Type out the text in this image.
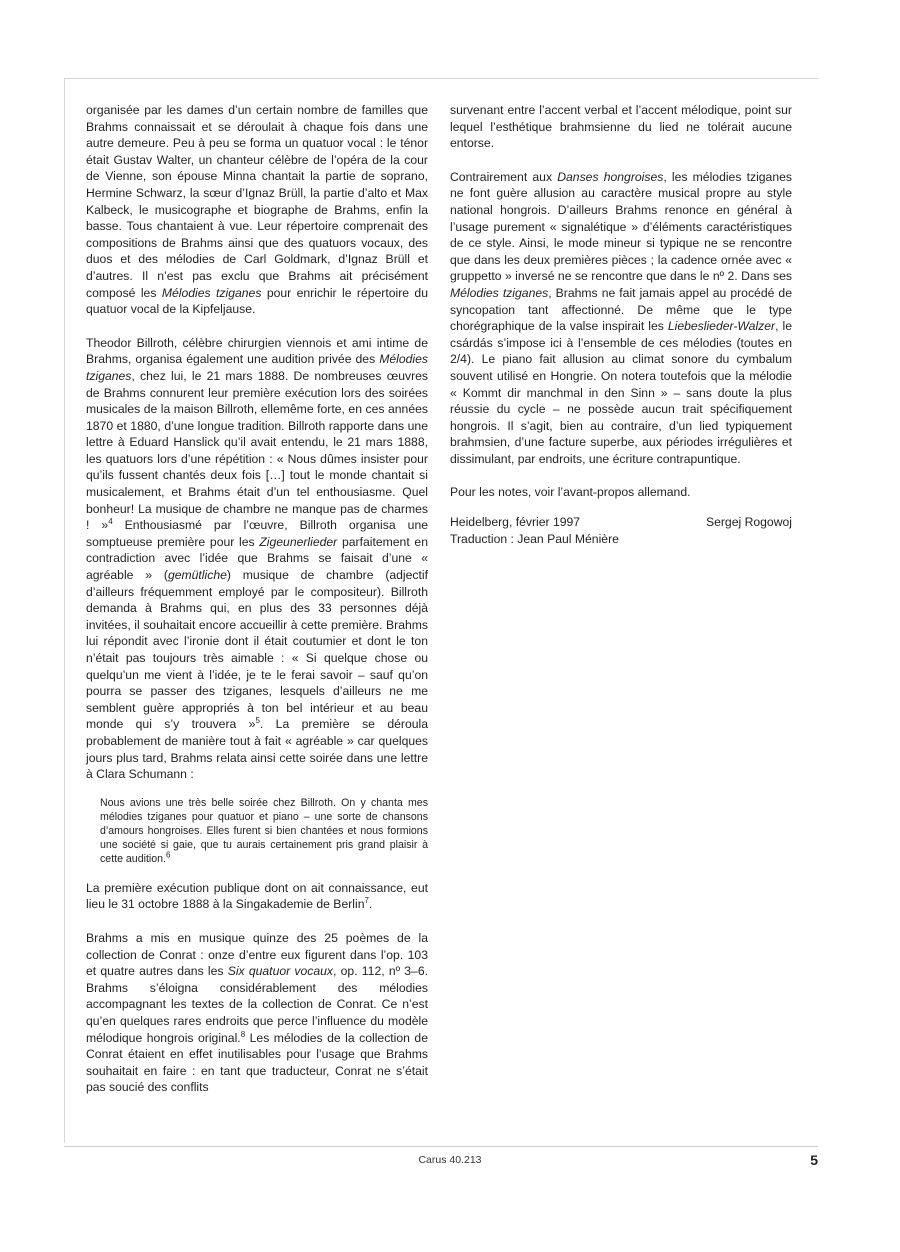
organisée par les dames d’un certain nombre de familles que Brahms connaissait et se déroulait à chaque fois dans une autre demeure. Peu à peu se forma un quatuor vocal : le ténor était Gustav Walter, un chanteur célèbre de l’opéra de la cour de Vienne, son épouse Minna chantait la partie de soprano, Hermine Schwarz, la sœur d’Ignaz Brüll, la partie d’alto et Max Kalbeck, le musicographe et biographe de Brahms, enfin la basse. Tous chantaient à vue. Leur répertoire comprenait des compositions de Brahms ainsi que des quatuors vocaux, des duos et des mélodies de Carl Goldmark, d’Ignaz Brüll et d’autres. Il n’est pas exclu que Brahms ait précisément composé les Mélodies tziganes pour enrichir le répertoire du quatuor vocal de la Kipfeljause.

Theodor Billroth, célèbre chirurgien viennois et ami intime de Brahms, organisa également une audition privée des Mélodies tziganes, chez lui, le 21 mars 1888. De nombreuses œuvres de Brahms connurent leur première exécution lors des soirées musicales de la maison Billroth, ellemême forte, en ces années 1870 et 1880, d’une longue tradition. Billroth rapporte dans une lettre à Eduard Hanslick qu’il avait entendu, le 21 mars 1888, les quatuors lors d’une répétition : « Nous dûmes insister pour qu’ils fussent chantés deux fois […] tout le monde chantait si musicalement, et Brahms était d’un tel enthousiasme. Quel bonheur! La musique de chambre ne manque pas de charmes ! »$^4$ Enthousiasmé par l’œuvre, Billroth organisa une somptueuse première pour les Zigeunerlieder parfaitement en contradiction avec l’idée que Brahms se faisait d’une « agréable » (gemütliche) musique de chambre (adjectif d’ailleurs fréquemment employé par le compositeur). Billroth demanda à Brahms qui, en plus des 33 personnes déjà invitées, il souhaitait encore accueillir à cette première. Brahms lui répondit avec l’ironie dont il était coutumier et dont le ton n’était pas toujours très aimable : « Si quelque chose ou quelqu’un me vient à l’idée, je te le ferai savoir – sauf qu’on pourra se passer des tziganes, lesquels d’ailleurs ne me semblent guère appropriés à ton bel intérieur et au beau monde qui s’y trouvera »$^5$. La première se déroula probablement de manière tout à fait « agréable » car quelques jours plus tard, Brahms relata ainsi cette soirée dans une lettre à Clara Schumann :

Nous avions une très belle soirée chez Billroth. On y chanta mes mélodies tziganes pour quatuor et piano – une sorte de chansons d’amours hongroises. Elles furent si bien chantées et nous formions une société si gaie, que tu aurais certainement pris grand plaisir à cette audition.$^6$

La première exécution publique dont on ait connaissance, eut lieu le 31 octobre 1888 à la Singakademie de Berlin$^7$.

Brahms a mis en musique quinze des 25 poèmes de la collection de Conrat : onze d’entre eux figurent dans l’op. 103 et quatre autres dans les Six quatuor vocaux, op. 112, nº 3–6. Brahms s’éloigna considérablement des mélodies accompagnant les textes de la collection de Conrat. Ce n’est qu’en quelques rares endroits que perce l’influence du modèle mélodique hongrois original.$^8$ Les mélodies de la collection de Conrat étaient en effet inutilisables pour l’usage que Brahms souhaitait en faire : en tant que traducteur, Conrat ne s’était pas soucié des conflits

survenant entre l’accent verbal et l’accent mélodique, point sur lequel l’esthétique brahmsienne du lied ne tolérait aucune entorse.

Contrairement aux Danses hongroises, les mélodies tziganes ne font guère allusion au caractère musical propre au style national hongrois. D’ailleurs Brahms renonce en général à l’usage purement « signalétique » d’éléments caractéristiques de ce style. Ainsi, le mode mineur si typique ne se rencontre que dans les deux premières pièces ; la cadence ornée avec « gruppetto » inversé ne se rencontre que dans le nº 2. Dans ses Mélodies tziganes, Brahms ne fait jamais appel au procédé de syncopation tant affectionné. De même que le type chorégraphique de la valse inspirait les Liebeslieder-Walzer, le csárdás s’impose ici à l’ensemble de ces mélodies (toutes en 2/4). Le piano fait allusion au climat sonore du cymbalum souvent utilisé en Hongrie. On notera toutefois que la mélodie « Kommt dir manchmal in den Sinn » – sans doute la plus réussie du cycle – ne possède aucun trait spécifiquement hongrois. Il s’agit, bien au contraire, d’un lied typiquement brahmsien, d’une facture superbe, aux périodes irrégulières et dissimulant, par endroits, une écriture contrapuntique.

Pour les notes, voir l’avant-propos allemand.

Heidelberg, février 1997	Sergej Rogowoj

Traduction : Jean Paul Ménière

Carus 40.213	5
